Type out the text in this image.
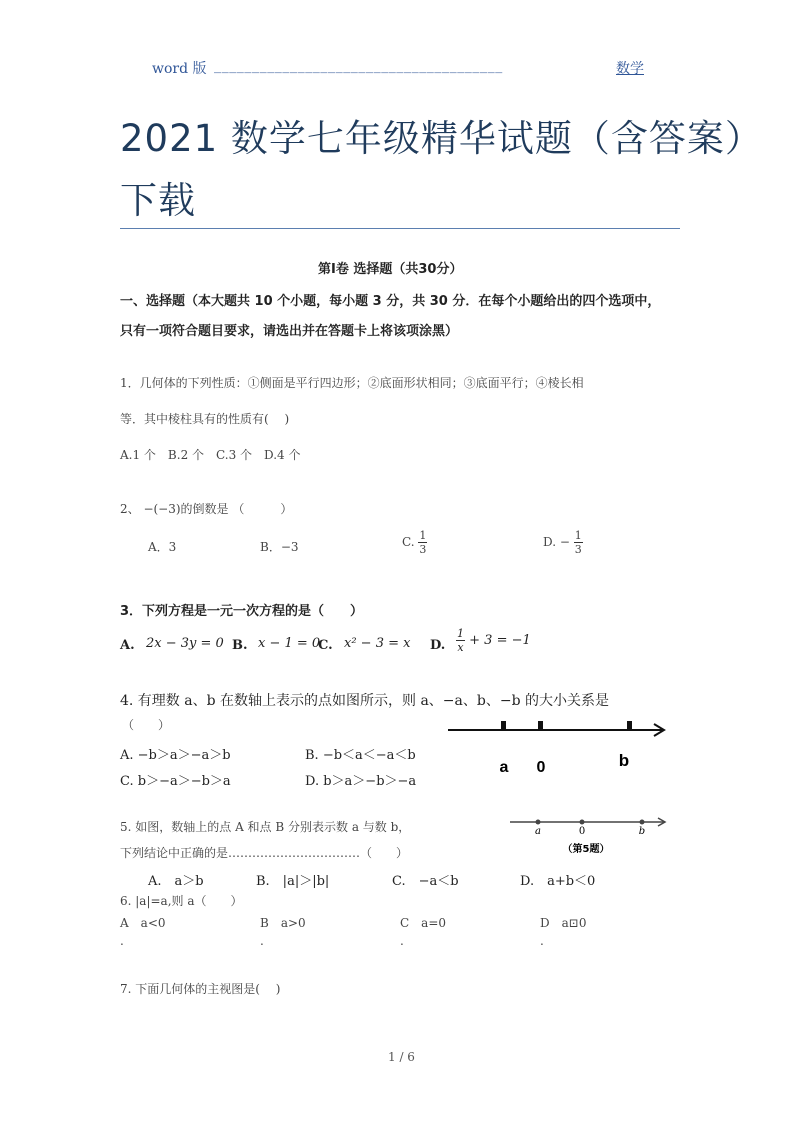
word 版 ______________________________________	数学
2021 数学七年级精华试题（含答案）
下载
第Ⅰ卷 选择题（共30分）
一、选择题（本大题共 10 个小题，每小题 3 分，共 30 分．在每个小题给出的四个选项中，
只有一项符合题目要求，请选出并在答题卡上将该项涂黑）
1．几何体的下列性质：①侧面是平行四边形；②底面形状相同；③底面平行；④棱长相
等．其中棱柱具有的性质有(　 )
A.1 个　B.2 个　C.3 个　D.4 个
2、 −(−3)的倒数是 （　　　）
A．3	B．−3	C. $\frac{1}{3}$	D. − $\frac{1}{3}$
3．下列方程是一元一次方程的是（　　）
A. 2x − 3y = 0 B. x − 1 = 0
C. x² − 3 = x D. $\frac{1}{x} + 3 = -1$
4. 有理数 a、b 在数轴上表示的点如图所示，则 a、−a、b、−b 的大小关系是
（　　）
A. −b＞a＞−a＞b	B. −b＜a＜−a＜b
C. b＞−a＞−b＞a	D. b＞a＞−b＞−a
a 0	b
5. 如图，数轴上的点 A 和点 B 分别表示数 a 与数 b，
下列结论中正确的是……………………………（　　）
A.　a＞b	B.　|a|＞|b|	C.　−a＜b	D.　a+b＜0
a	0	b
（第5题）
6. |a|=a,则 a（　　）
A　a<0	B　a>0	C　a=0	D　a⊡0
.	.	.	.
7. 下面几何体的主视图是(　 )
1 / 6
